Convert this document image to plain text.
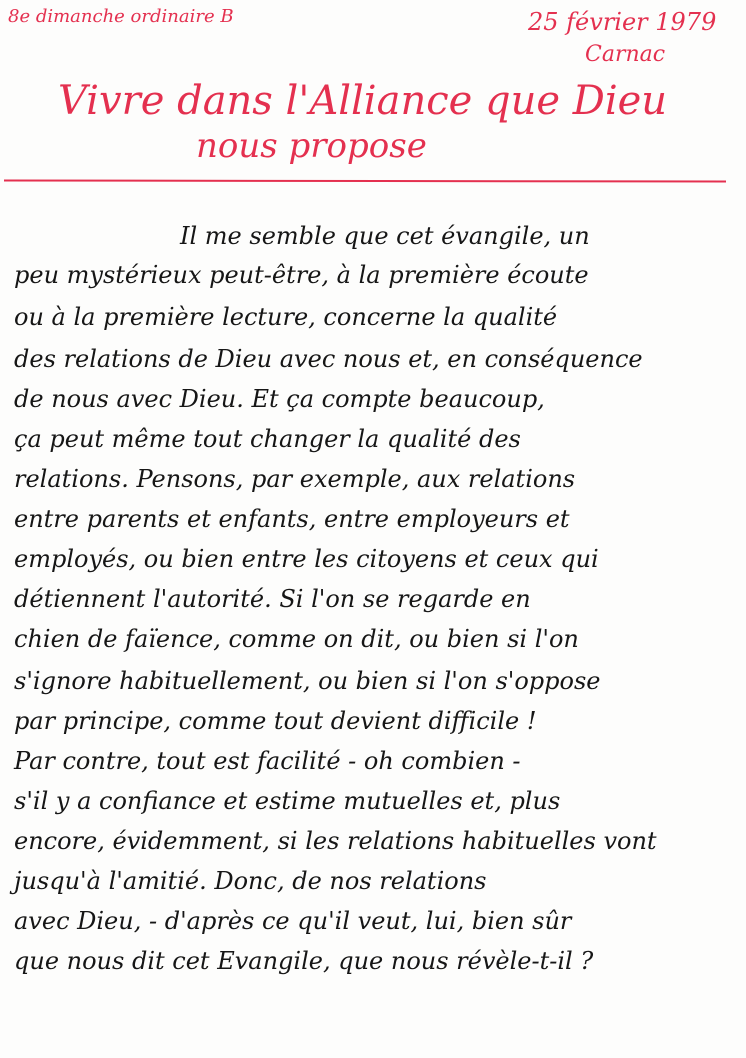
8e dimanche ordinaire B	25 février 1979
Carnac
Vivre dans l'Alliance que Dieu
nous propose
Il me semble que cet évangile, un
peu mystérieux peut-être, à la première écoute
ou à la première lecture, concerne la qualité
des relations de Dieu avec nous et, en conséquence
de nous avec Dieu. Et ça compte beaucoup,
ça peut même tout changer la qualité des
relations. Pensons, par exemple, aux relations
entre parents et enfants, entre employeurs et
employés, ou bien entre les citoyens et ceux qui
détiennent l'autorité. Si l'on se regarde en
chien de faïence, comme on dit, ou bien si l'on
s'ignore habituellement, ou bien si l'on s'oppose
par principe, comme tout devient difficile !
Par contre, tout est facilité - oh combien -
s'il y a confiance et estime mutuelles et, plus
encore, évidemment, si les relations habituelles vont
jusqu'à l'amitié. Donc, de nos relations
avec Dieu, - d'après ce qu'il veut, lui, bien sûr
que nous dit cet Evangile, que nous révèle-t-il ?
